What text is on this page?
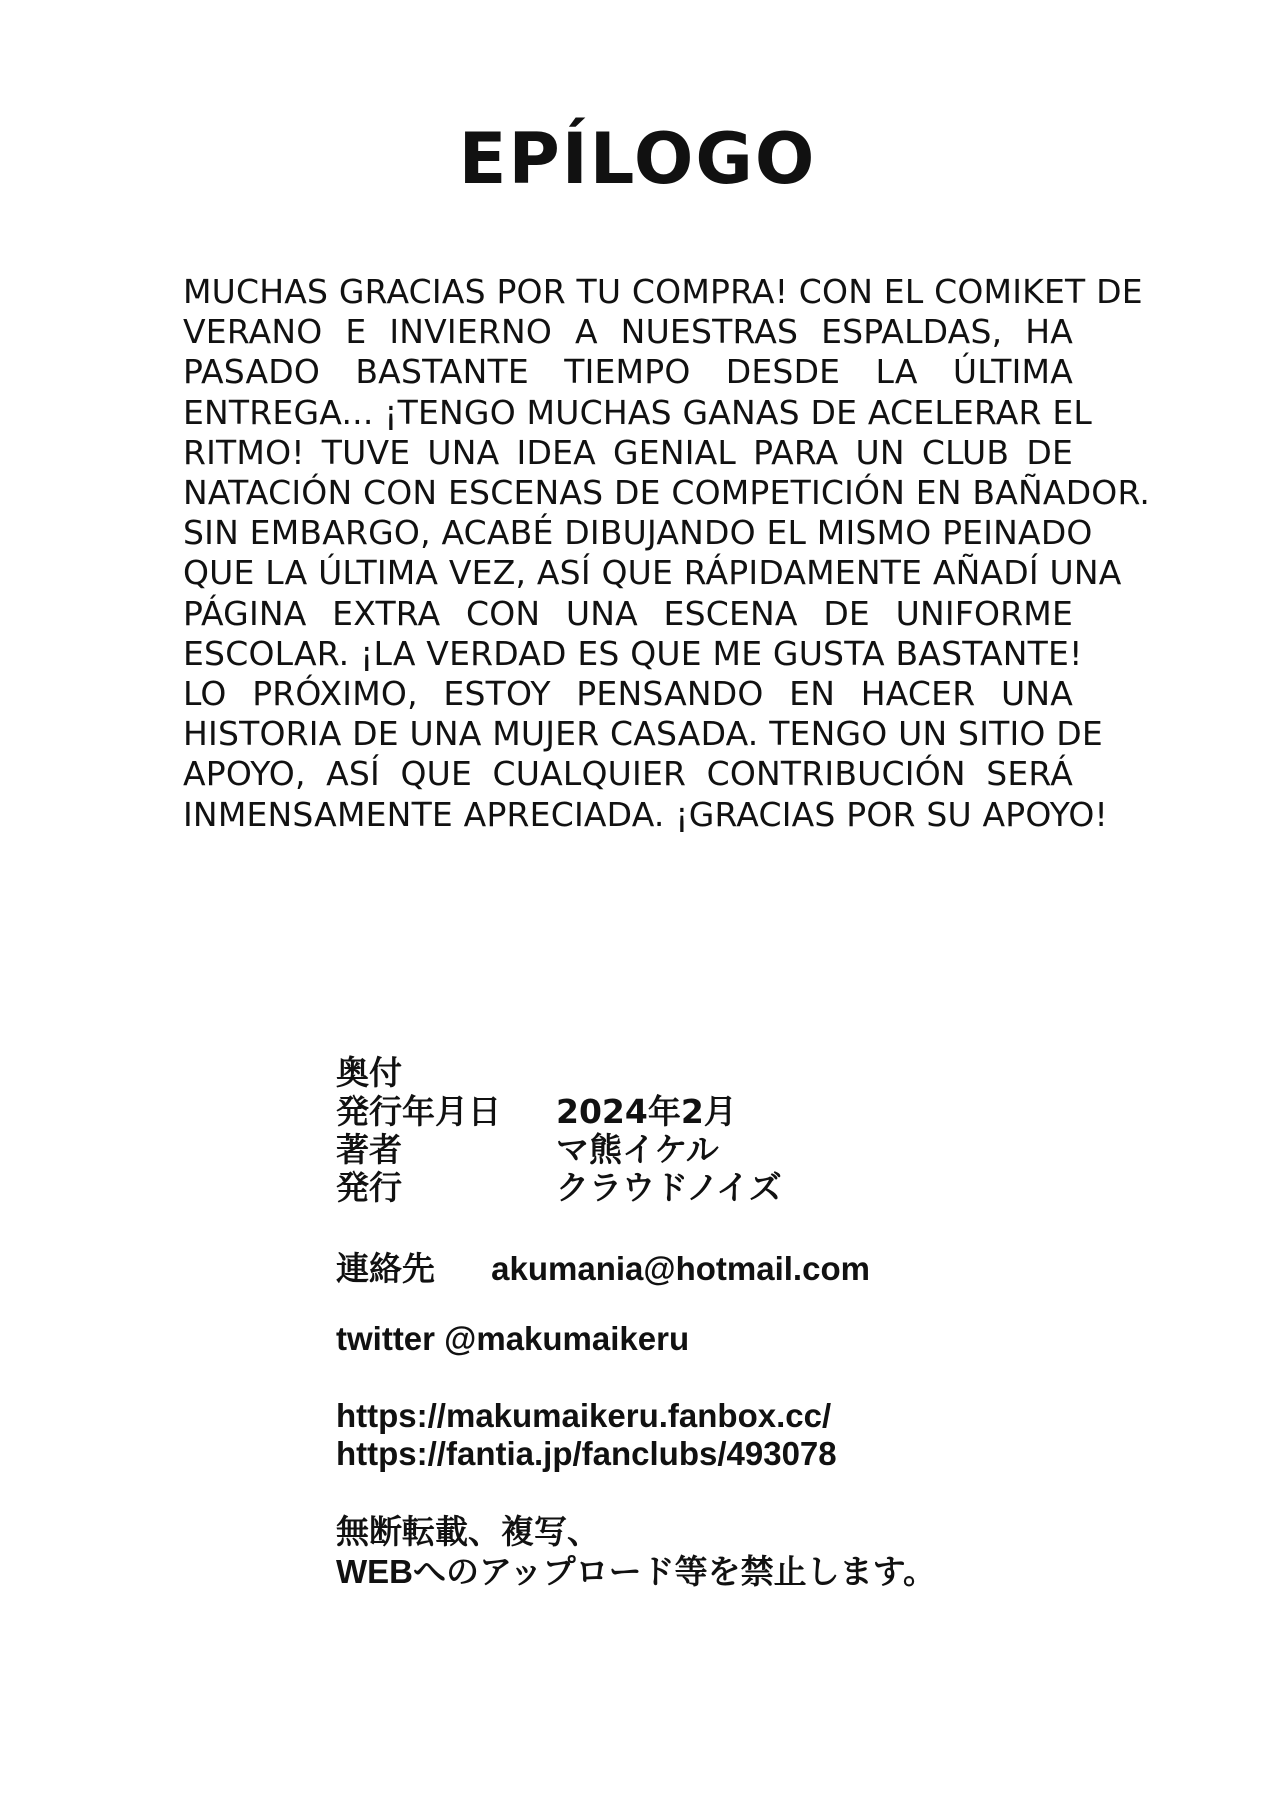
EPÍLOGO
MUCHAS GRACIAS POR TU COMPRA! CON EL COMIKET DE
VERANO E INVIERNO A NUESTRAS ESPALDAS, HA
PASADO BASTANTE TIEMPO DESDE LA ÚLTIMA
ENTREGA... ¡TENGO MUCHAS GANAS DE ACELERAR EL
RITMO! TUVE UNA IDEA GENIAL PARA UN CLUB DE
NATACIÓN CON ESCENAS DE COMPETICIÓN EN BAÑADOR.
SIN EMBARGO, ACABÉ DIBUJANDO EL MISMO PEINADO
QUE LA ÚLTIMA VEZ, ASÍ QUE RÁPIDAMENTE AÑADÍ UNA
PÁGINA EXTRA CON UNA ESCENA DE UNIFORME
ESCOLAR. ¡LA VERDAD ES QUE ME GUSTA BASTANTE!
LO PRÓXIMO, ESTOY PENSANDO EN HACER UNA
HISTORIA DE UNA MUJER CASADA. TENGO UN SITIO DE
APOYO, ASÍ QUE CUALQUIER CONTRIBUCIÓN SERÁ
INMENSAMENTE APRECIADA. ¡GRACIAS POR SU APOYO!
奥付
発行年月日	2024年2月
著者	マ熊イケル
発行	クラウドノイズ
連絡先 akumania@hotmail.com
twitter @makumaikeru
https://makumaikeru.fanbox.cc/
https://fantia.jp/fanclubs/493078
無断転載、複写、
WEBへのアップロード等を禁止します。
